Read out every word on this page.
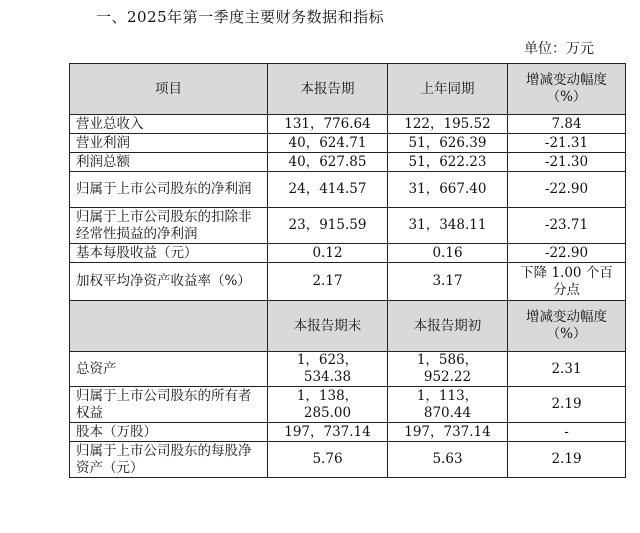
一、2025年第一季度主要财务数据和指标
单位：万元
项目	本报告期	上年同期	增减变动幅度（%）
营业总收入	131，776.64	122，195.52	7.84
营业利润	40，624.71	51，626.39	-21.31
利润总额	40，627.85	51，622.23	-21.30
归属于上市公司股东的净利润	24，414.57	31，667.40	-22.90
归属于上市公司股东的扣除非经常性损益的净利润	23，915.59	31，348.11	-23.71
基本每股收益（元）	0.12	0.16	-22.90
加权平均净资产收益率（%）	2.17	3.17	下降 1.00 个百分点
	本报告期末	本报告期初	增减变动幅度（%）
总资产	1，623，534.38	1，586，952.22	2.31
归属于上市公司股东的所有者权益	1，138，285.00	1，113，870.44	2.19
股本（万股）	197，737.14	197，737.14	-
归属于上市公司股东的每股净资产（元）	5.76	5.63	2.19
